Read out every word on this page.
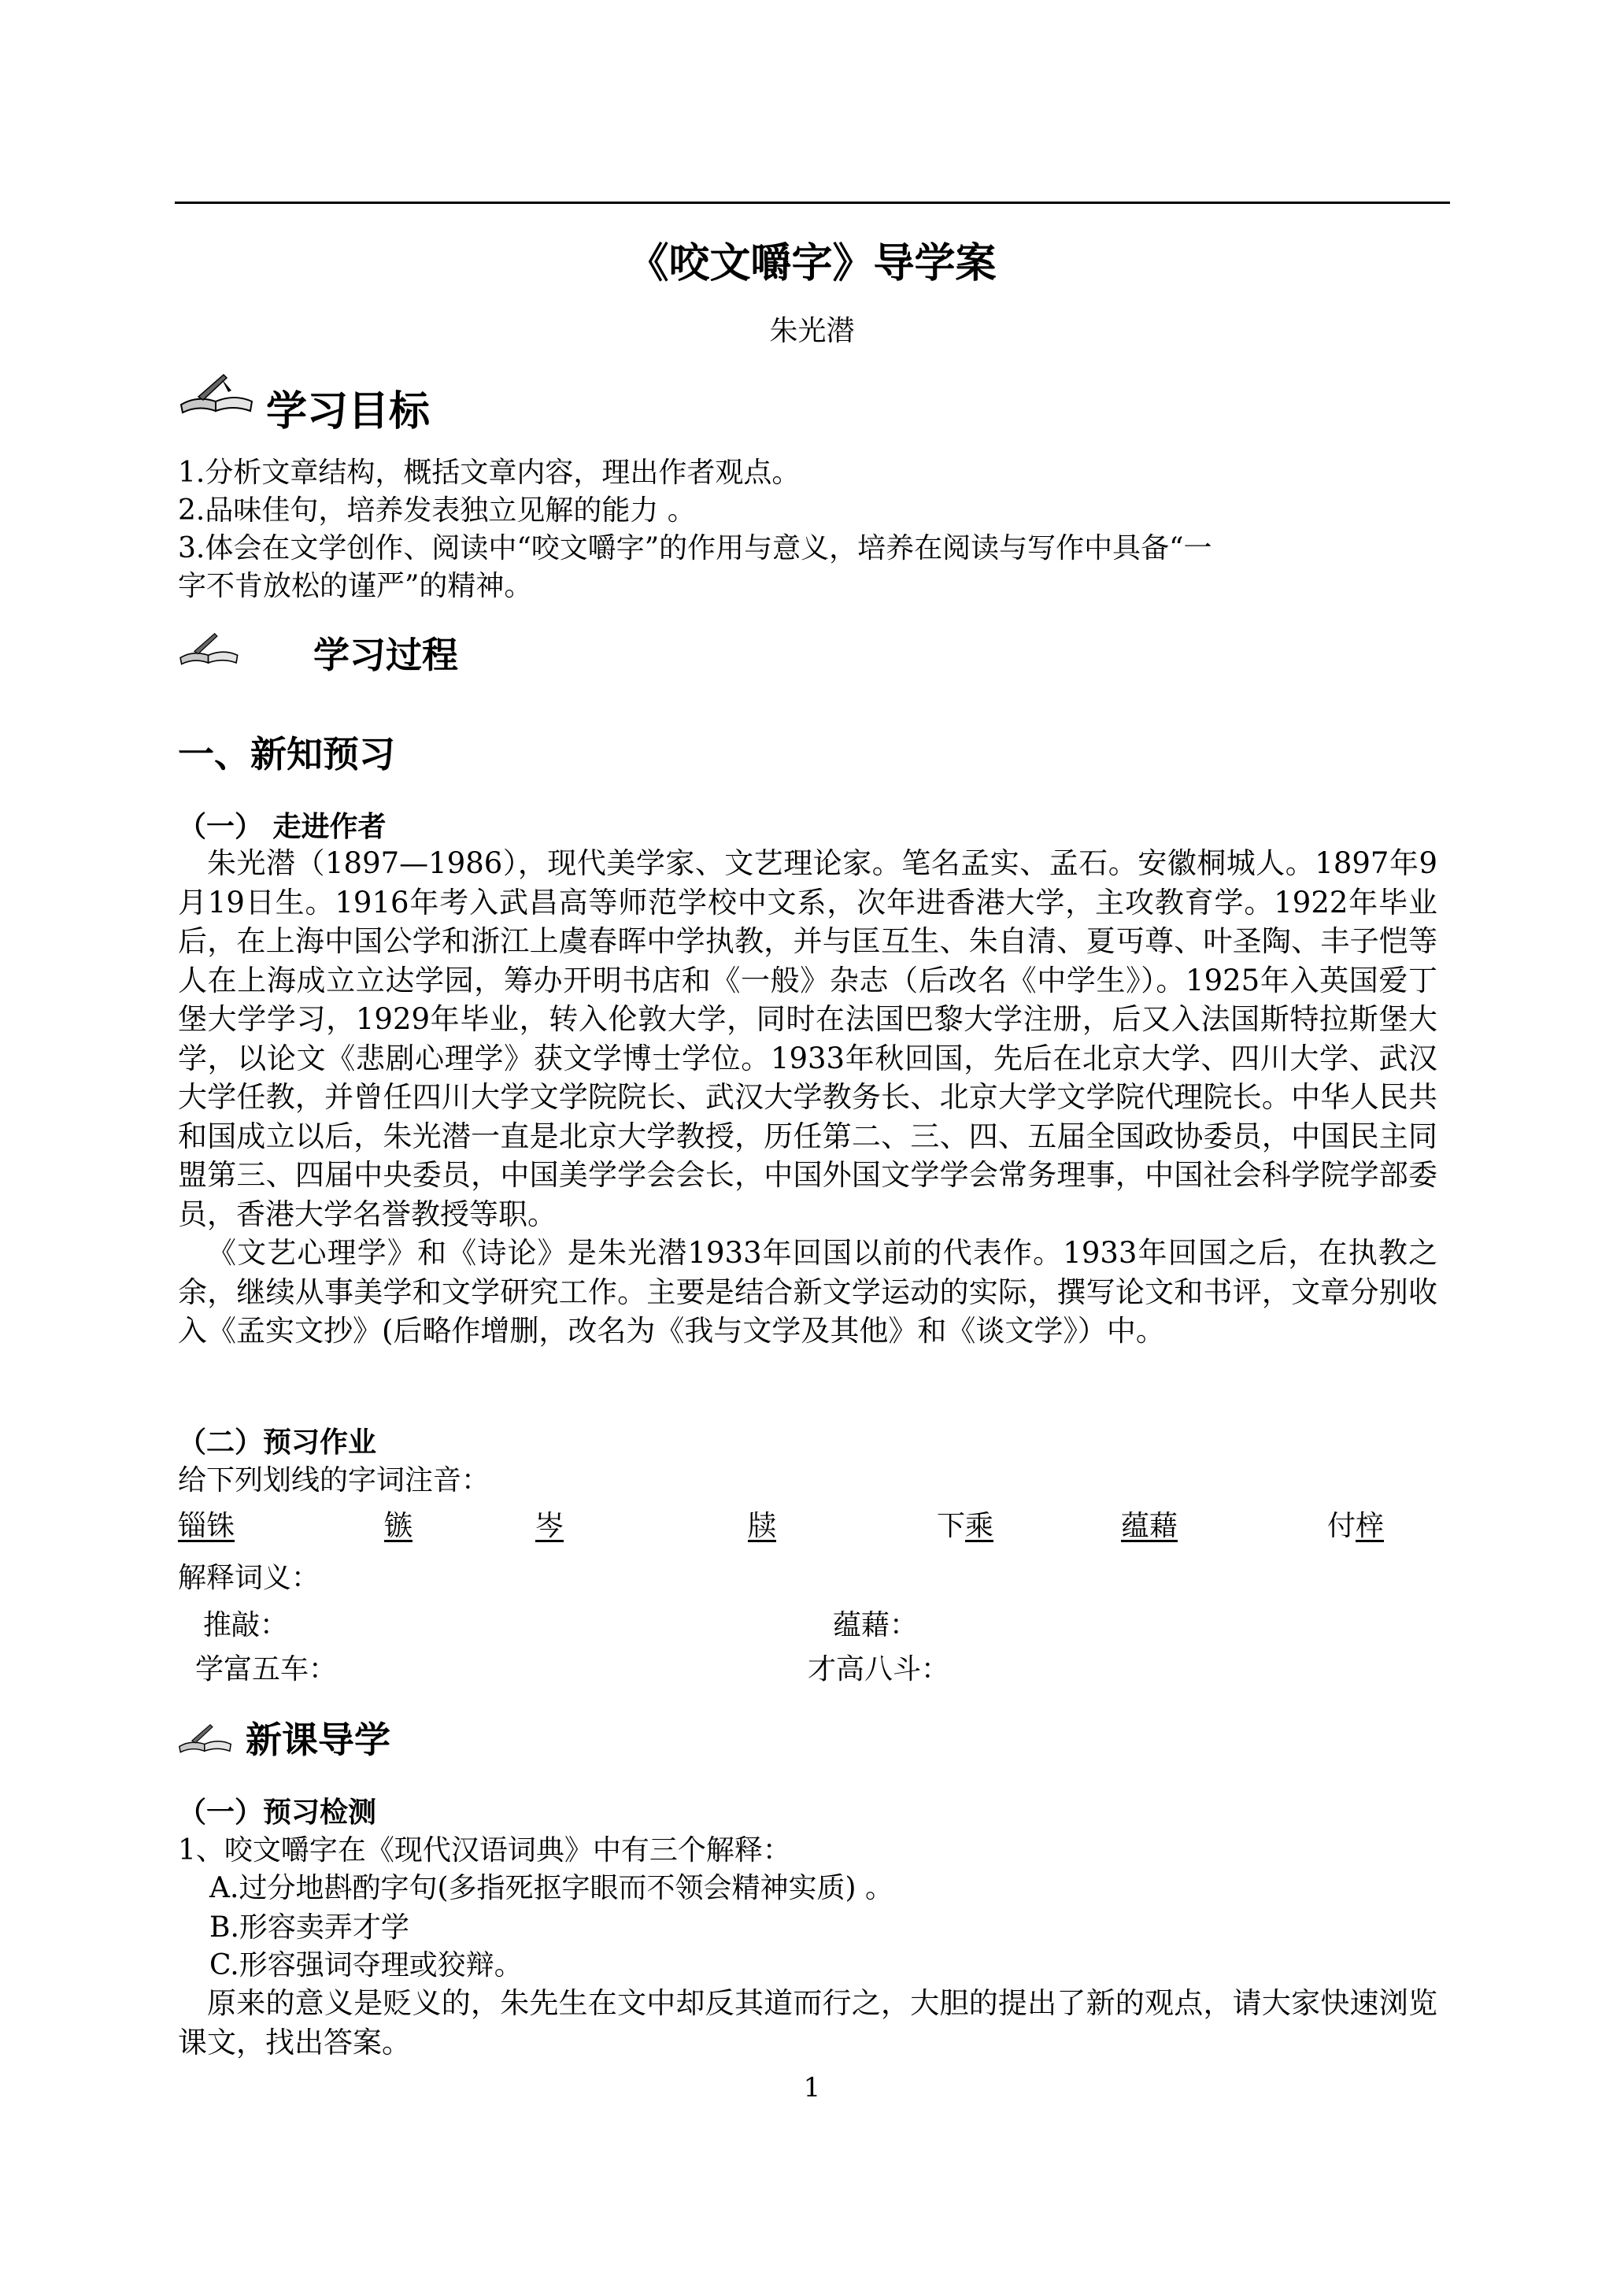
《咬文嚼字》导学案
朱光潜
学习目标
1.分析文章结构，概括文章内容，理出作者观点。
2.品味佳句，培养发表独立见解的能力 。
3.体会在文学创作、阅读中“咬文嚼字”的作用与意义，培养在阅读与写作中具备“一
字不肯放松的谨严”的精神。
学习过程
一、新知预习
（一） 走进作者

朱光潜（1897—1986），现代美学家、文艺理论家。笔名孟实、孟石。安徽桐城人。1897年9月19日生。1916年考入武昌高等师范学校中文系，次年进香港大学，主攻教育学。1922年毕业后，在上海中国公学和浙江上虞春晖中学执教，并与匡互生、朱自清、夏丏尊、叶圣陶、丰子恺等人在上海成立立达学园，筹办开明书店和《一般》杂志（后改名《中学生》）。1925年入英国爱丁堡大学学习，1929年毕业，转入伦敦大学，同时在法国巴黎大学注册，后又入法国斯特拉斯堡大学，以论文《悲剧心理学》获文学博士学位。1933年秋回国，先后在北京大学、四川大学、武汉大学任教，并曾任四川大学文学院院长、武汉大学教务长、北京大学文学院代理院长。中华人民共和国成立以后，朱光潜一直是北京大学教授，历任第二、三、四、五届全国政协委员，中国民主同盟第三、四届中央委员，中国美学学会会长，中国外国文学学会常务理事，中国社会科学院学部委员，香港大学名誉教授等职。

《文艺心理学》和《诗论》是朱光潜1933年回国以前的代表作。1933年回国之后，在执教之余，继续从事美学和文学研究工作。主要是结合新文学运动的实际，撰写论文和书评，文章分别收入《孟实文抄》(后略作增删，改名为《我与文学及其他》和《谈文学》）中。

（二）预习作业
给下列划线的字词注音：
锱铢	镞	岑	牍	下乘	蕴藉	付梓
解释词义：
推敲：	蕴藉：
学富五车：	才高八斗：
新课导学
（一）预习检测
1、咬文嚼字在《现代汉语词典》中有三个解释：
A.过分地斟酌字句(多指死抠字眼而不领会精神实质) 。
B.形容卖弄才学
C.形容强词夺理或狡辩。

原来的意义是贬义的，朱先生在文中却反其道而行之，大胆的提出了新的观点，请大家快速浏览课文，找出答案。

1
